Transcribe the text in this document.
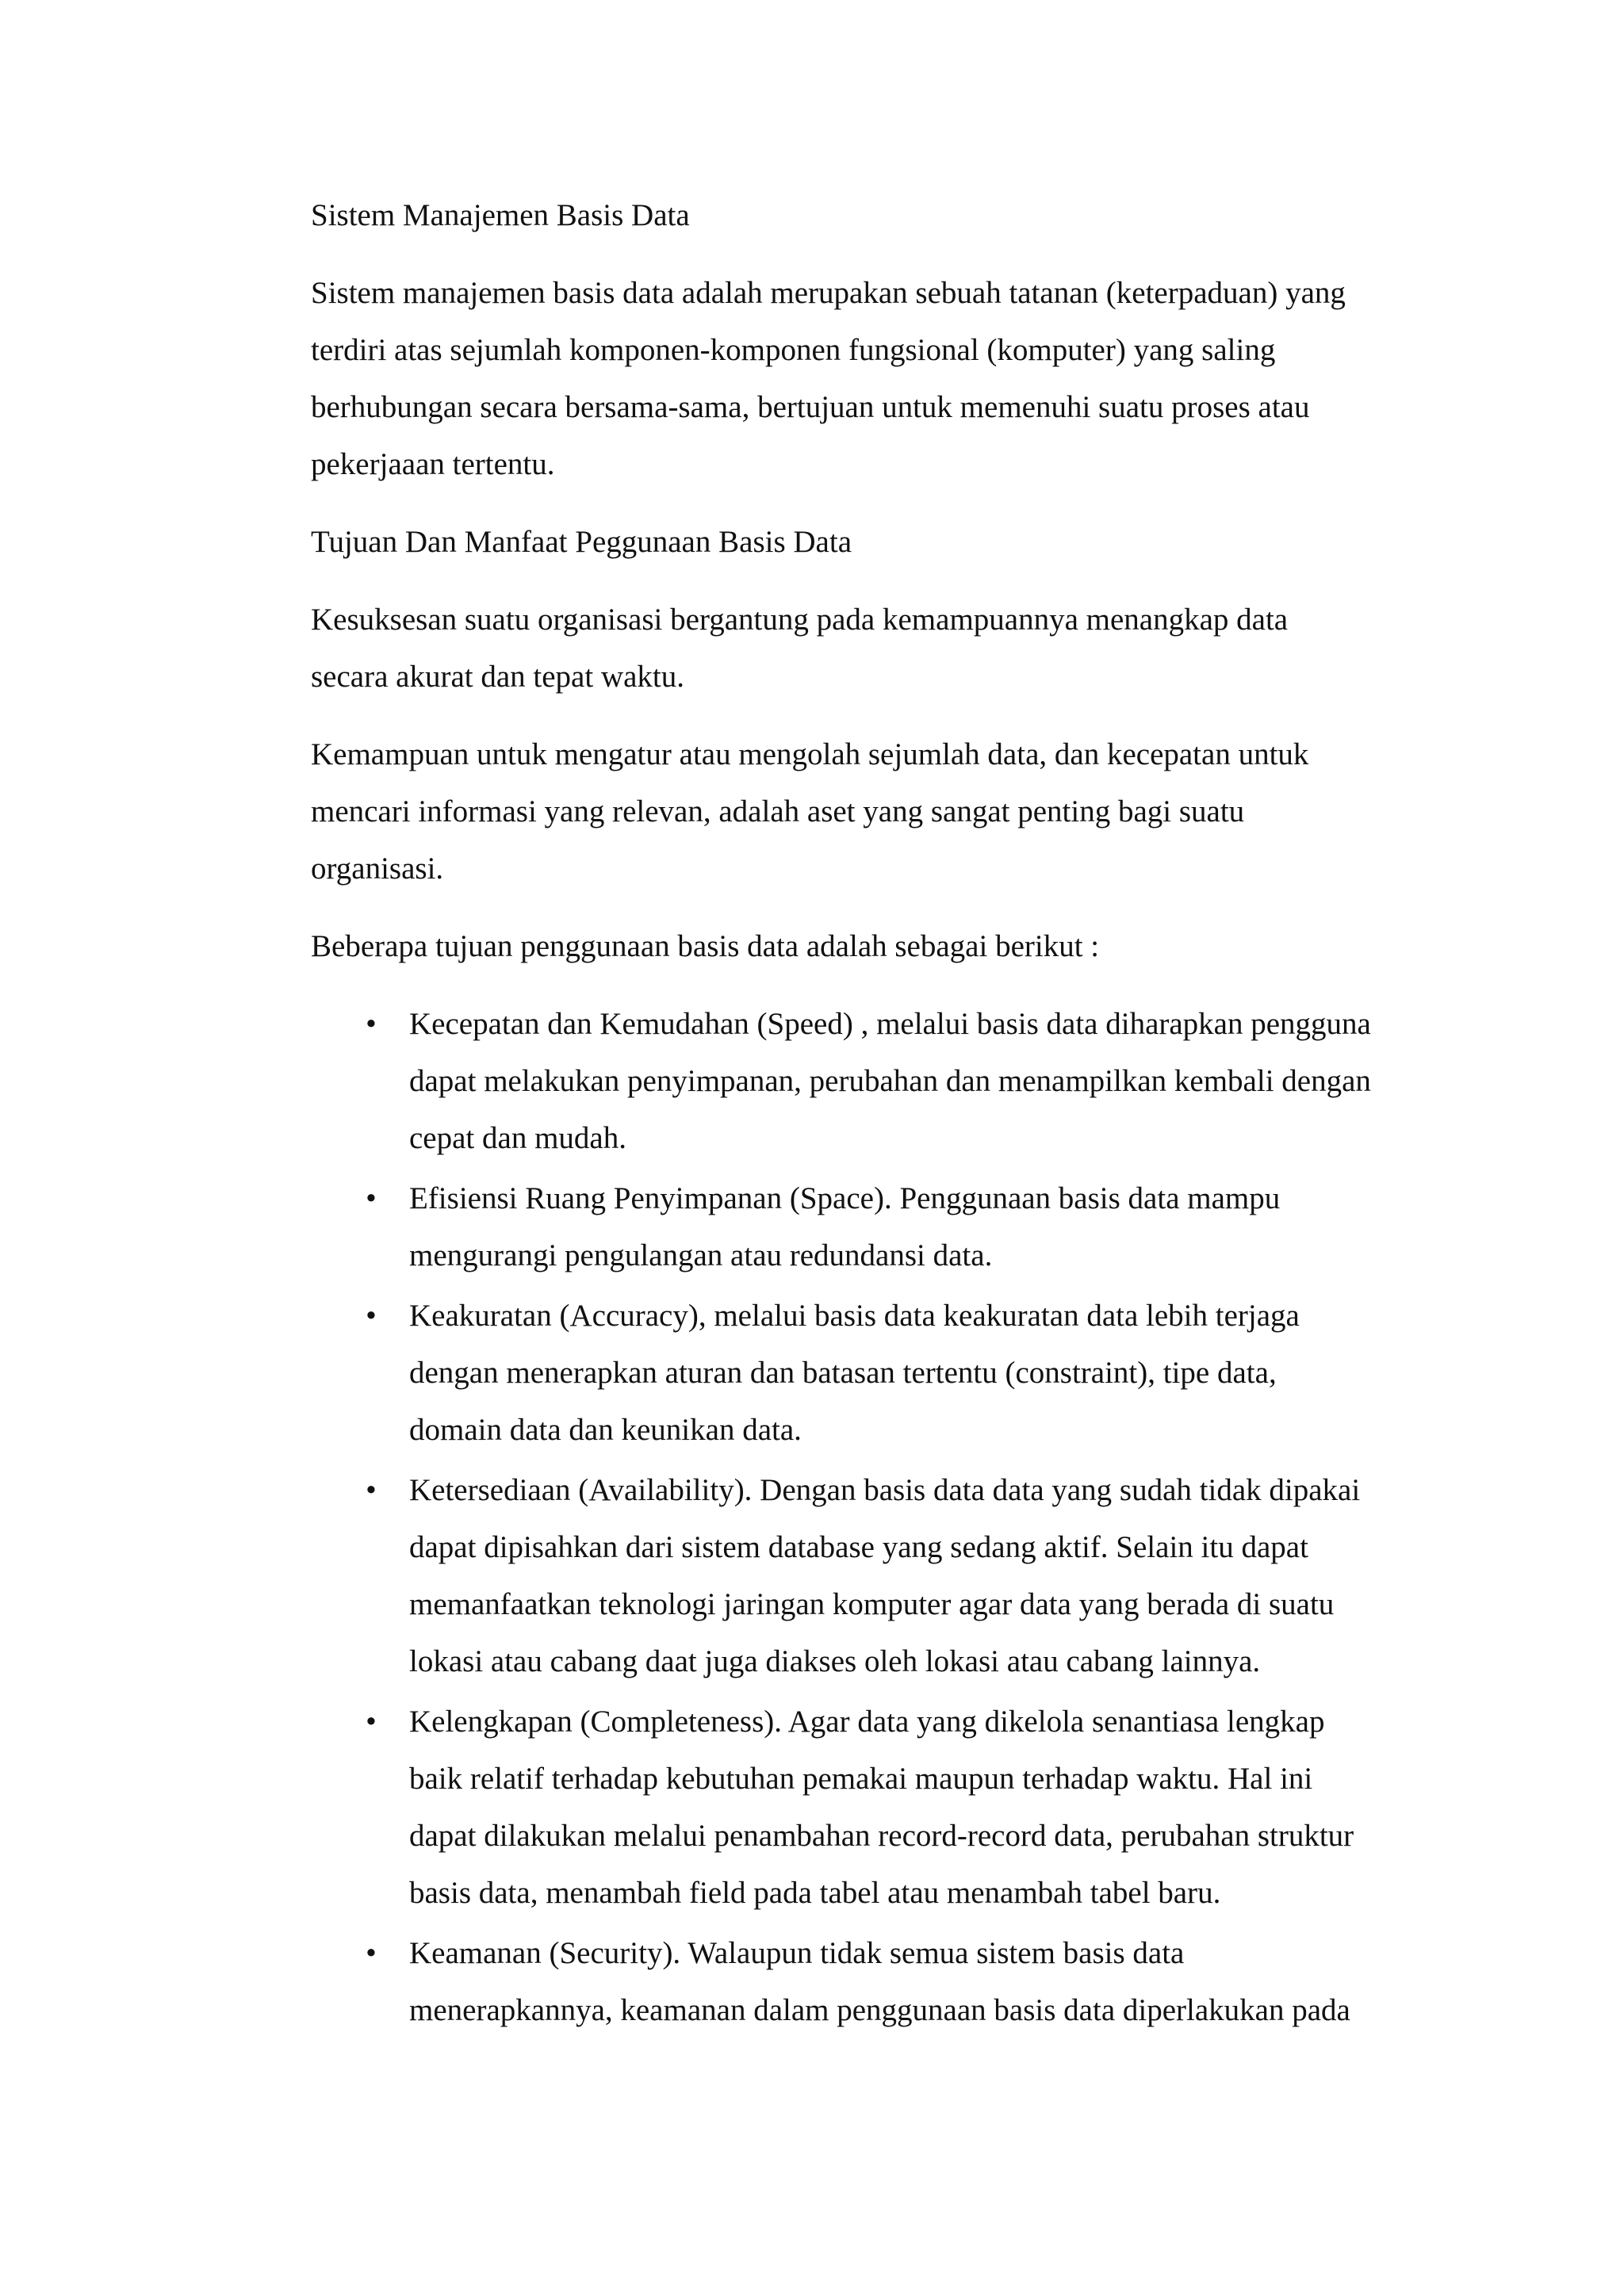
Sistem Manajemen Basis Data

Sistem manajemen basis data adalah merupakan sebuah tatanan (keterpaduan) yang
terdiri atas sejumlah komponen-komponen fungsional (komputer) yang saling
berhubungan secara bersama-sama, bertujuan untuk memenuhi suatu proses atau
pekerjaaan tertentu.

Tujuan Dan Manfaat Peggunaan Basis Data

Kesuksesan suatu organisasi bergantung pada kemampuannya menangkap data
secara akurat dan tepat waktu.

Kemampuan untuk mengatur atau mengolah sejumlah data, dan kecepatan untuk
mencari informasi yang relevan, adalah aset yang sangat penting bagi suatu
organisasi.

Beberapa tujuan penggunaan basis data adalah sebagai berikut :

• Kecepatan dan Kemudahan (Speed) , melalui basis data diharapkan pengguna
dapat melakukan penyimpanan, perubahan dan menampilkan kembali dengan
cepat dan mudah.
• Efisiensi Ruang Penyimpanan (Space). Penggunaan basis data mampu
mengurangi pengulangan atau redundansi data.
• Keakuratan (Accuracy), melalui basis data keakuratan data lebih terjaga
dengan menerapkan aturan dan batasan tertentu (constraint), tipe data,
domain data dan keunikan data.
• Ketersediaan (Availability). Dengan basis data data yang sudah tidak dipakai
dapat dipisahkan dari sistem database yang sedang aktif. Selain itu dapat
memanfaatkan teknologi jaringan komputer agar data yang berada di suatu
lokasi atau cabang daat juga diakses oleh lokasi atau cabang lainnya.
• Kelengkapan (Completeness). Agar data yang dikelola senantiasa lengkap
baik relatif terhadap kebutuhan pemakai maupun terhadap waktu. Hal ini
dapat dilakukan melalui penambahan record-record data, perubahan struktur
basis data, menambah field pada tabel atau menambah tabel baru.
• Keamanan (Security). Walaupun tidak semua sistem basis data
menerapkannya, keamanan dalam penggunaan basis data diperlakukan pada
